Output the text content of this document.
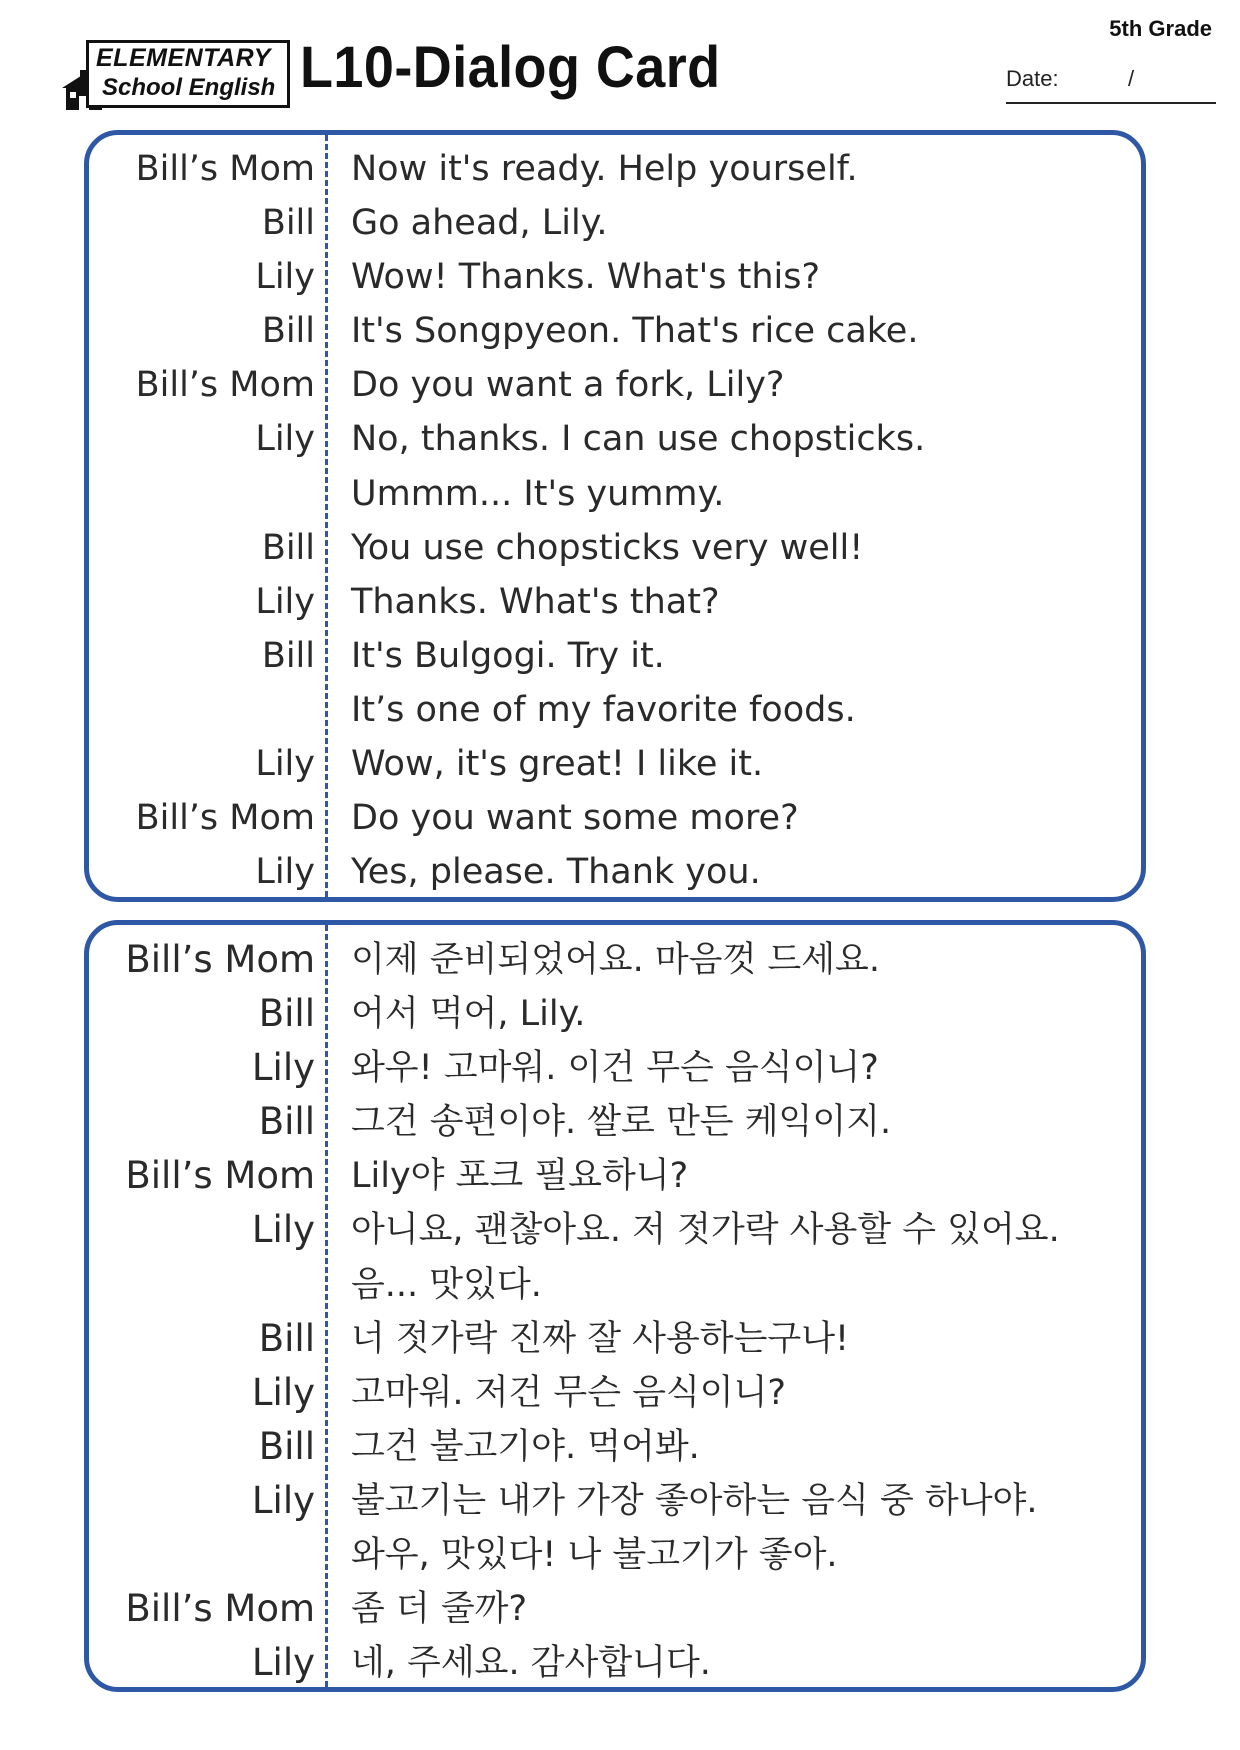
5th Grade
ELEMENTARY
School English L10-Dialog Card	Date:	/
Bill’s Mom Now it's ready. Help yourself.
Bill Go ahead, Lily.
Lily Wow! Thanks. What's this?
Bill It's Songpyeon. That's rice cake.
Bill’s Mom Do you want a fork, Lily?
Lily No, thanks. I can use chopsticks.
Ummm... It's yummy.
Bill You use chopsticks very well!
Lily Thanks. What's that?
Bill It's Bulgogi. Try it.
It’s one of my favorite foods.
Lily Wow, it's great! I like it.
Bill’s Mom Do you want some more?
Lily Yes, please. Thank you.
Bill’s Mom 이제 준비되었어요. 마음껏 드세요.
Bill 어서 먹어, Lily.
Lily 와우! 고마워. 이건 무슨 음식이니?
Bill 그건 송편이야. 쌀로 만든 케익이지.
Bill’s Mom Lily야 포크 필요하니?
Lily 아니요, 괜찮아요. 저 젓가락 사용할 수 있어요.
음... 맛있다.
Bill 너 젓가락 진짜 잘 사용하는구나!
Lily 고마워. 저건 무슨 음식이니?
Bill 그건 불고기야. 먹어봐.
Lily 불고기는 내가 가장 좋아하는 음식 중 하나야.
와우, 맛있다! 나 불고기가 좋아.
Bill’s Mom 좀 더 줄까?
Lily 네, 주세요. 감사합니다.
